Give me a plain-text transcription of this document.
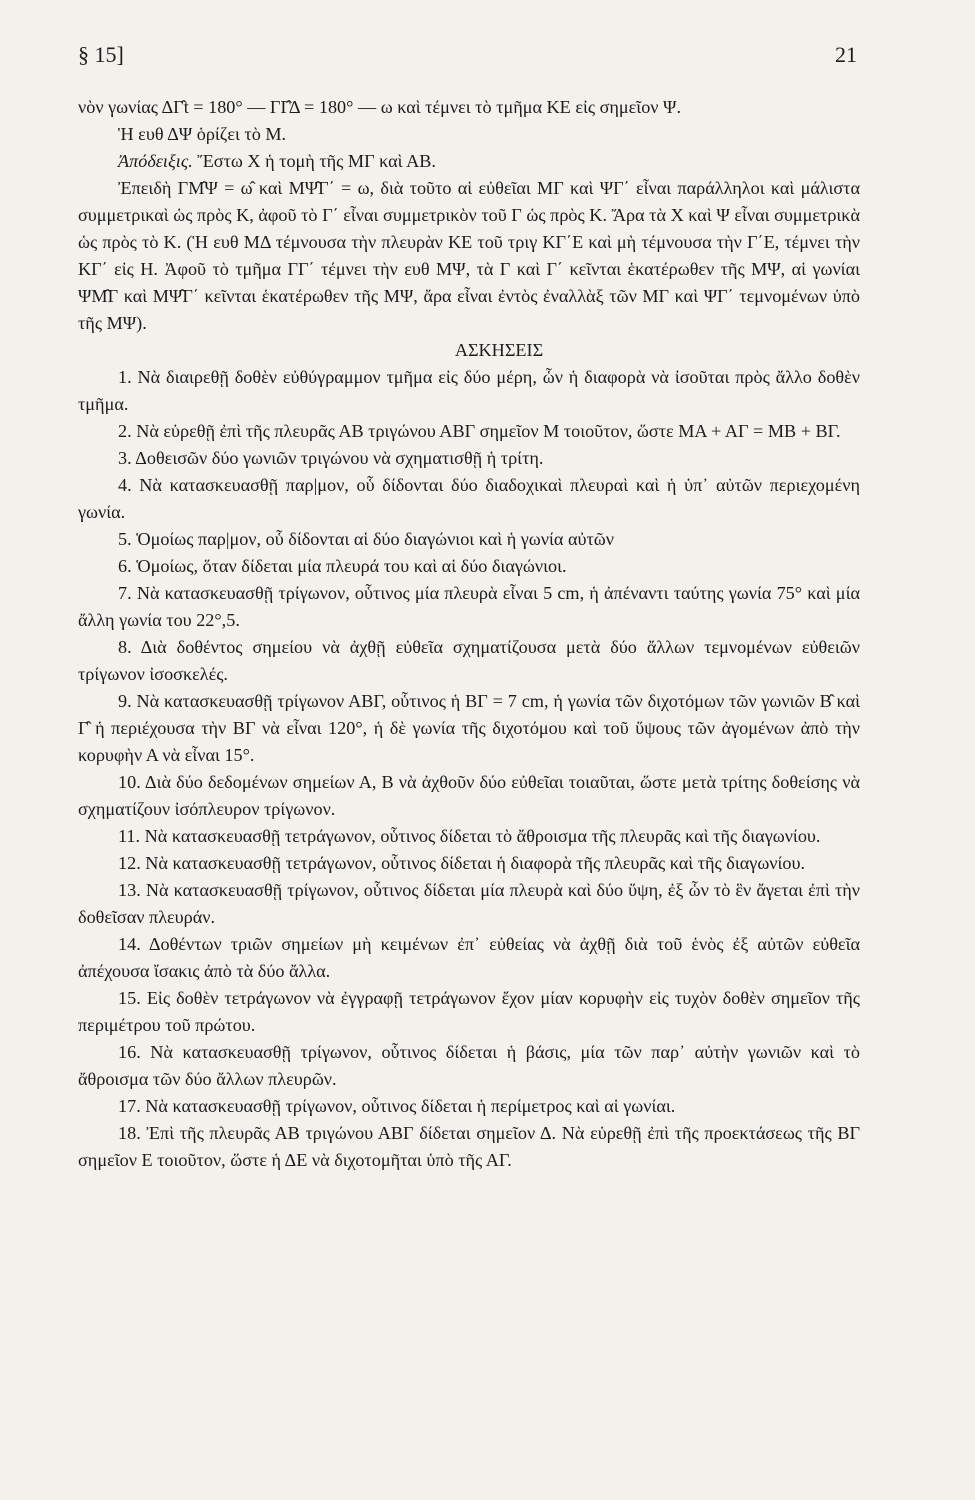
§ 15]	21

νὸν γωνίας ΔΓ̂t = 180° — ΓΓ̂Δ = 180° — ω καὶ τέμνει τὸ τμῆμα ΚΕ εἰς σημεῖον Ψ.

Ἡ ευθ ΔΨ ὁρίζει τὸ Μ.

Ἀπόδειξις. Ἔστω Χ ἡ τομὴ τῆς ΜΓ καὶ ΑΒ.

Ἐπειδὴ ΓΜ̂Ψ = ω̂ καὶ ΜΨ̂Γ΄ = ω, διὰ τοῦτο αἱ εὐθεῖαι ΜΓ καὶ ΨΓ΄ εἶναι παράλληλοι καὶ μάλιστα συμμετρικαὶ ὡς πρὸς Κ, ἀφοῦ τὸ Γ΄ εἶναι συμμετρικὸν τοῦ Γ ὡς πρὸς Κ. Ἄρα τὰ Χ καὶ Ψ εἶναι συμμετρικὰ ὡς πρὸς τὸ Κ. (Ἡ ευθ ΜΔ τέμνουσα τὴν πλευρὰν ΚΕ τοῦ τριγ ΚΓ΄Ε καὶ μὴ τέμνουσα τὴν Γ΄Ε, τέμνει τὴν ΚΓ΄ εἰς Η. Ἀφοῦ τὸ τμῆμα ΓΓ΄ τέμνει τὴν ευθ ΜΨ, τὰ Γ καὶ Γ΄ κεῖνται ἑκατέρωθεν τῆς ΜΨ, αἱ γωνίαι ΨΜ̂Γ καὶ ΜΨ̂Γ΄ κεῖνται ἑκατέρωθεν τῆς ΜΨ, ἄρα εἶναι ἐντὸς ἐναλλὰξ τῶν ΜΓ καὶ ΨΓ΄ τεμνομένων ὑπὸ τῆς ΜΨ).

ΑΣΚΗΣΕΙΣ

1. Νὰ διαιρεθῇ δοθὲν εὐθύγραμμον τμῆμα εἰς δύο μέρη, ὧν ἡ διαφορὰ νὰ ἰσοῦται πρὸς ἄλλο δοθὲν τμῆμα.

2. Νὰ εὑρεθῇ ἐπὶ τῆς πλευρᾶς ΑΒ τριγώνου ΑΒΓ σημεῖον Μ τοιοῦτον, ὥστε ΜΑ + ΑΓ = ΜΒ + ΒΓ.

3. Δοθεισῶν δύο γωνιῶν τριγώνου νὰ σχηματισθῇ ἡ τρίτη.

4. Νὰ κατασκευασθῇ παρ|μον, οὗ δίδονται δύο διαδοχικαὶ πλευραὶ καὶ ἡ ὑπ᾽ αὐτῶν περιεχομένη γωνία.

5. Ὁμοίως παρ|μον, οὗ δίδονται αἱ δύο διαγώνιοι καὶ ἡ γωνία αὐτῶν

6. Ὁμοίως, ὅταν δίδεται μία πλευρά του καὶ αἱ δύο διαγώνιοι.

7. Νὰ κατασκευασθῇ τρίγωνον, οὗτινος μία πλευρὰ εἶναι 5 cm, ἡ ἀπέναντι ταύτης γωνία 75° καὶ μία ἄλλη γωνία του 22°,5.

8. Διὰ δοθέντος σημείου νὰ ἀχθῇ εὐθεῖα σχηματίζουσα μετὰ δύο ἄλλων τεμνομένων εὐθειῶν τρίγωνον ἰσοσκελές.

9. Νὰ κατασκευασθῇ τρίγωνον ΑΒΓ, οὗτινος ἡ ΒΓ = 7 cm, ἡ γωνία τῶν διχοτόμων τῶν γωνιῶν Β̂ καὶ Γ̂ ἡ περιέχουσα τὴν ΒΓ νὰ εἶναι 120°, ἡ δὲ γωνία τῆς διχοτόμου καὶ τοῦ ὕψους τῶν ἀγομένων ἀπὸ τὴν κορυφὴν Α νὰ εἶναι 15°.

10. Διὰ δύο δεδομένων σημείων Α, Β νὰ ἀχθοῦν δύο εὐθεῖαι τοιαῦται, ὥστε μετὰ τρίτης δοθείσης νὰ σχηματίζουν ἰσόπλευρον τρίγωνον.

11. Νὰ κατασκευασθῇ τετράγωνον, οὗτινος δίδεται τὸ ἄθροισμα τῆς πλευρᾶς καὶ τῆς διαγωνίου.

12. Νὰ κατασκευασθῇ τετράγωνον, οὗτινος δίδεται ἡ διαφορὰ τῆς πλευρᾶς καὶ τῆς διαγωνίου.

13. Νὰ κατασκευασθῇ τρίγωνον, οὗτινος δίδεται μία πλευρὰ καὶ δύο ὕψη, ἐξ ὧν τὸ ἓν ἄγεται ἐπὶ τὴν δοθεῖσαν πλευράν.

14. Δοθέντων τριῶν σημείων μὴ κειμένων ἐπ᾽ εὐθείας νὰ ἀχθῇ διὰ τοῦ ἑνὸς ἐξ αὐτῶν εὐθεῖα ἀπέχουσα ἴσακις ἀπὸ τὰ δύο ἄλλα.

15. Εἰς δοθὲν τετράγωνον νὰ ἐγγραφῇ τετράγωνον ἔχον μίαν κορυφὴν εἰς τυχὸν δοθὲν σημεῖον τῆς περιμέτρου τοῦ πρώτου.

16. Νὰ κατασκευασθῇ τρίγωνον, οὗτινος δίδεται ἡ βάσις, μία τῶν παρ᾽ αὐτὴν γωνιῶν καὶ τὸ ἄθροισμα τῶν δύο ἄλλων πλευρῶν.

17. Νὰ κατασκευασθῇ τρίγωνον, οὗτινος δίδεται ἡ περίμετρος καὶ αἱ γωνίαι.

18. Ἐπὶ τῆς πλευρᾶς ΑΒ τριγώνου ΑΒΓ δίδεται σημεῖον Δ. Νὰ εὑρεθῇ ἐπὶ τῆς προεκτάσεως τῆς ΒΓ σημεῖον Ε τοιοῦτον, ὥστε ἡ ΔΕ νὰ διχοτομῆται ὑπὸ τῆς ΑΓ.
